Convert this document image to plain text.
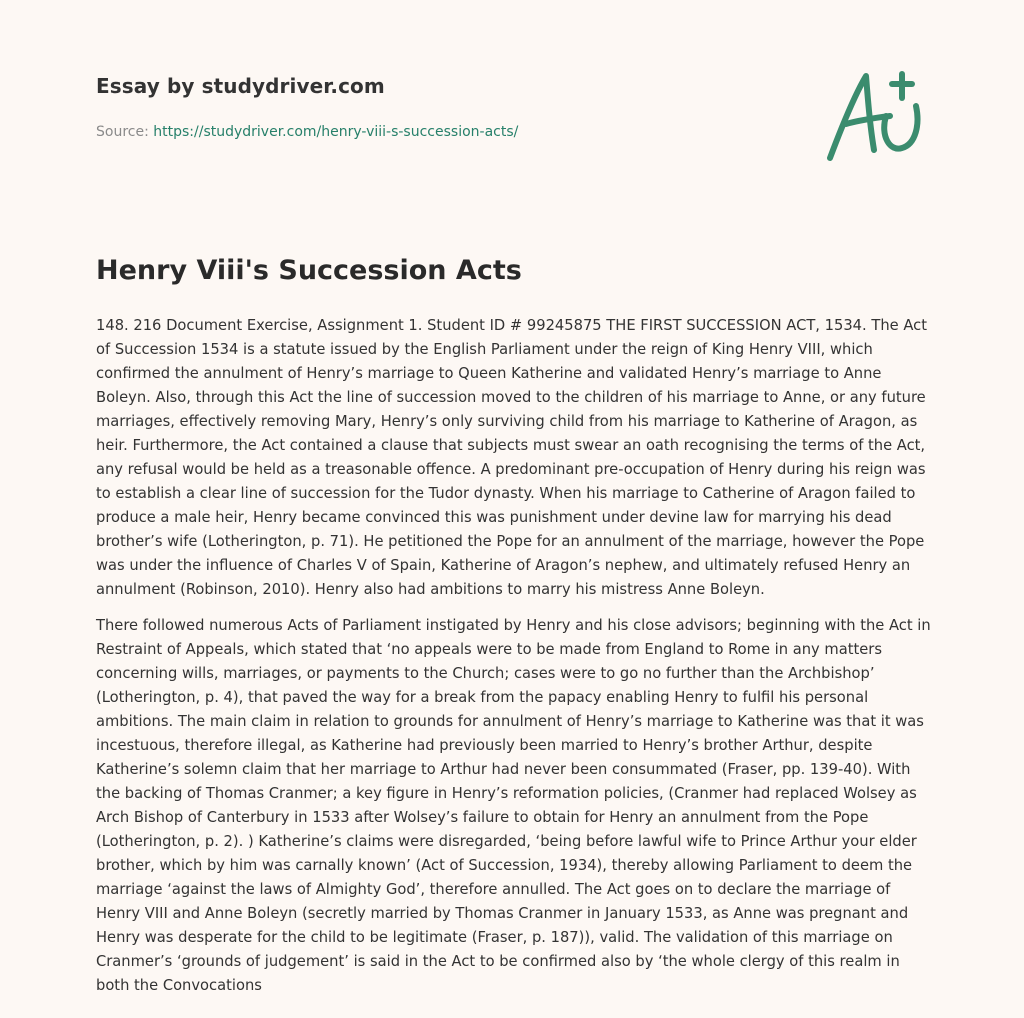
Essay by studydriver.com
Source: https://studydriver.com/henry-viii-s-succession-acts/
Henry Viii's Succession Acts

148. 216 Document Exercise, Assignment 1. Student ID # 99245875 THE FIRST SUCCESSION ACT, 1534. The Act of Succession 1534 is a statute issued by the English Parliament under the reign of King Henry VIII, which confirmed the annulment of Henry’s marriage to Queen Katherine and validated Henry’s marriage to Anne Boleyn. Also, through this Act the line of succession moved to the children of his marriage to Anne, or any future marriages, effectively removing Mary, Henry’s only surviving child from his marriage to Katherine of Aragon, as heir. Furthermore, the Act contained a clause that subjects must swear an oath recognising the terms of the Act, any refusal would be held as a treasonable offence. A predominant pre-occupation of Henry during his reign was to establish a clear line of succession for the Tudor dynasty. When his marriage to Catherine of Aragon failed to produce a male heir, Henry became convinced this was punishment under devine law for marrying his dead brother’s wife (Lotherington, p. 71). He petitioned the Pope for an annulment of the marriage, however the Pope was under the influence of Charles V of Spain, Katherine of Aragon’s nephew, and ultimately refused Henry an annulment (Robinson, 2010). Henry also had ambitions to marry his mistress Anne Boleyn.

There followed numerous Acts of Parliament instigated by Henry and his close advisors; beginning with the Act in Restraint of Appeals, which stated that ‘no appeals were to be made from England to Rome in any matters concerning wills, marriages, or payments to the Church; cases were to go no further than the Archbishop’ (Lotherington, p. 4), that paved the way for a break from the papacy enabling Henry to fulfil his personal ambitions. The main claim in relation to grounds for annulment of Henry’s marriage to Katherine was that it was incestuous, therefore illegal, as Katherine had previously been married to Henry’s brother Arthur, despite Katherine’s solemn claim that her marriage to Arthur had never been consummated (Fraser, pp. 139-40). With the backing of Thomas Cranmer; a key figure in Henry’s reformation policies, (Cranmer had replaced Wolsey as Arch Bishop of Canterbury in 1533 after Wolsey’s failure to obtain for Henry an annulment from the Pope (Lotherington, p. 2). ) Katherine’s claims were disregarded, ‘being before lawful wife to Prince Arthur your elder brother, which by him was carnally known’ (Act of Succession, 1934), thereby allowing Parliament to deem the marriage ‘against the laws of Almighty God’, therefore annulled. The Act goes on to declare the marriage of Henry VIII and Anne Boleyn (secretly married by Thomas Cranmer in January 1533, as Anne was pregnant and Henry was desperate for the child to be legitimate (Fraser, p. 187)), valid. The validation of this marriage on Cranmer’s ‘grounds of judgement’ is said in the Act to be confirmed also by ‘the whole clergy of this realm in both the Convocations
